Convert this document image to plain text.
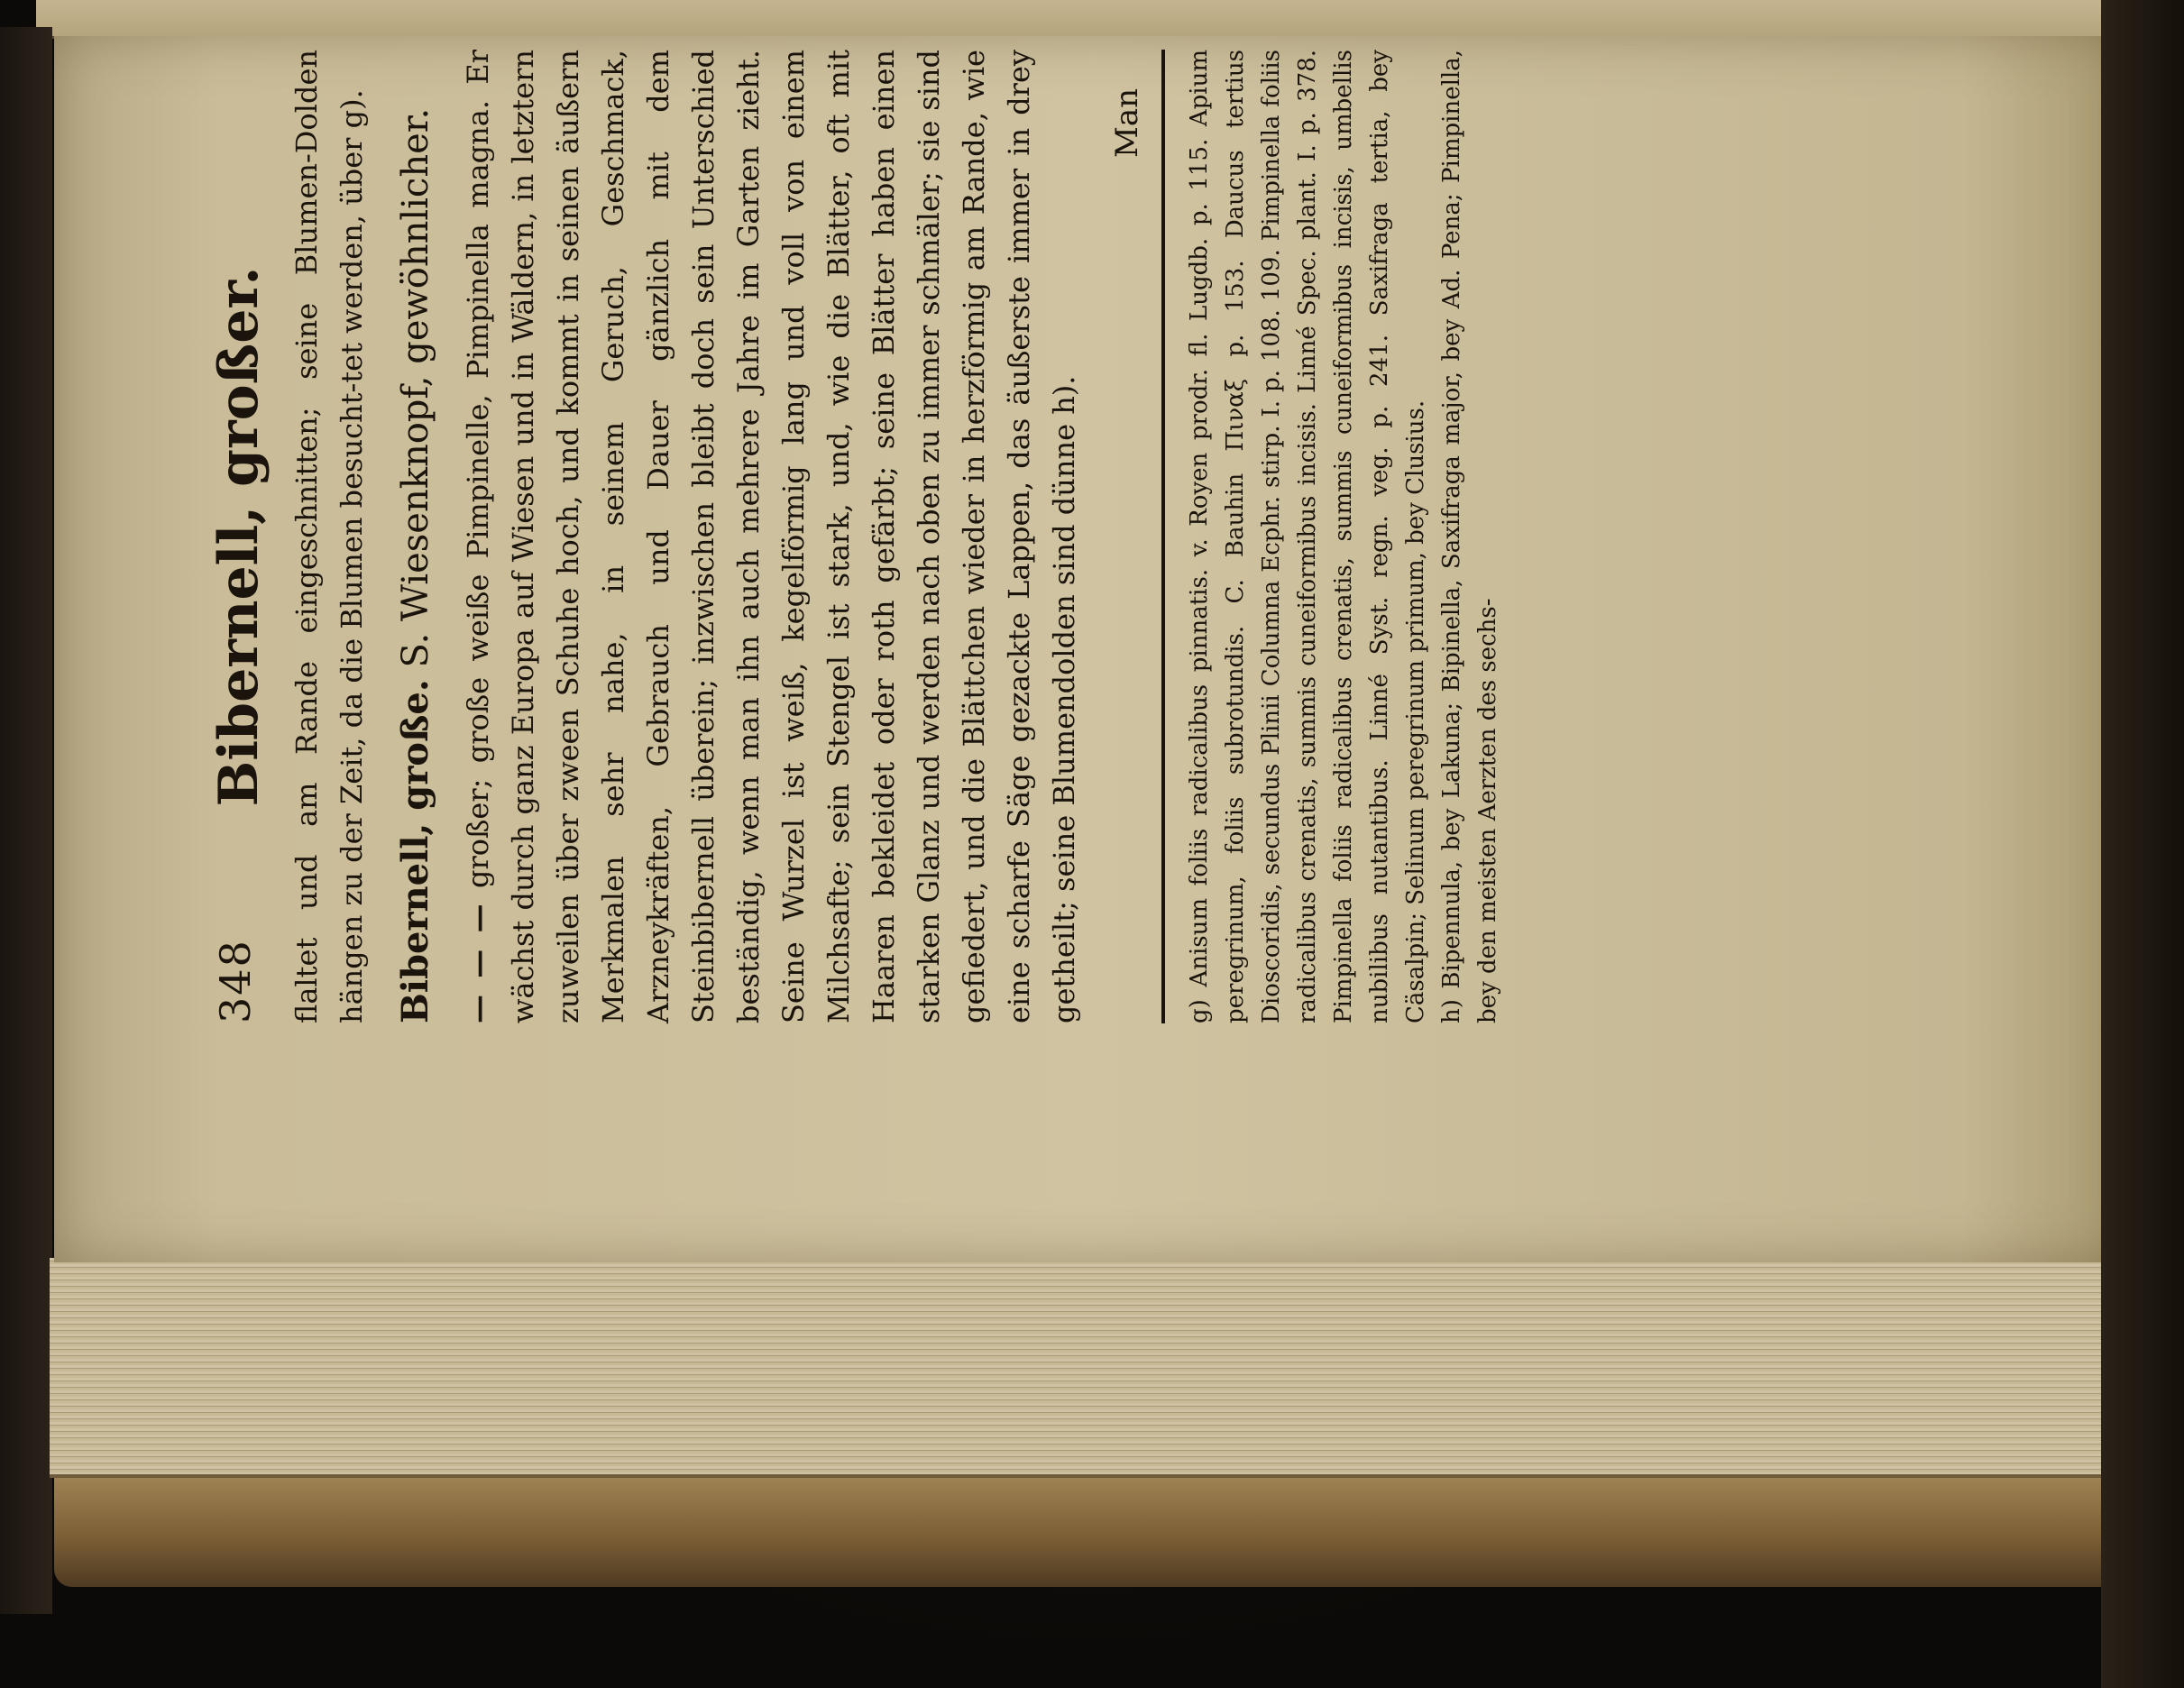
348
Bibernell, großer. flaltet und am Rande eingeschnitten; seine Blumen-Dolden hängen zu der Zeit, da die Blumen besucht-tet werden, über g). Bibernell, große. S. Wiesenknopf, gewöhnlicher.

— — — großer; große weiße Pimpinelle, Pimpinella magna. Er wächst durch ganz Europa auf Wiesen und in Wäldern, in letztern zuweilen über zween Schuhe hoch, und kommt in seinen äußern Merkmalen sehr nahe, in seinem Geruch, Geschmack, Arzneykräften, Gebrauch und Dauer gänzlich mit dem Steinbibernell überein; inzwischen bleibt doch sein Unterschied beständig, wenn man ihn auch mehrere Jahre im Garten zieht. Seine Wurzel ist weiß, kegelförmig lang und voll von einem Milchsafte; sein Stengel ist stark, und, wie die Blätter, oft mit Haaren bekleidet oder roth gefärbt; seine Blätter haben einen starken Glanz und werden nach oben zu immer schmäler; sie sind gefiedert, und die Blättchen wieder in herzförmig am Rande, wie eine scharfe Säge gezackte Lappen, das äußerste immer in drey getheilt; seine Blumendolden sind dünne h).

Man

g) Anisum foliis radicalibus pinnatis. v. Royen prodr. fl. Lugdb. p. 115. Apium peregrinum, foliis subrotundis. C. Bauhin Πιναξ p. 153. Daucus tertius Dioscoridis, secundus Plinii Columna Ecphr. stirp. I. p. 108. 109. Pimpinella foliis radicalibus crenatis, summis cuneiformibus incisis. Linné Spec. plant. I. p. 378. Pimpinella foliis radicalibus crenatis, summis cuneiformibus incisis, umbellis nubilibus nutantibus. Linné Syst. regn. veg. p. 241. Saxifraga tertia, bey Cäsalpin; Selinum peregrinum primum, bey Clusius. h) Bipennula, bey Lakuna; Bipinella, Saxifraga major, bey Ad. Pena; Pimpinella, bey den meisten Aerzten des sechs-
